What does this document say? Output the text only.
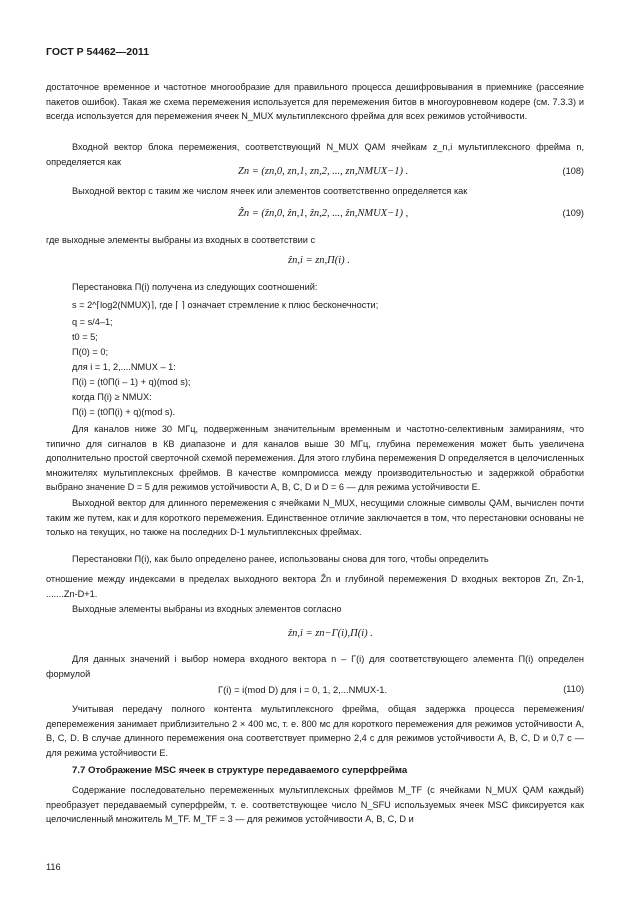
ГОСТ Р 54462—2011
достаточное временное и частотное многообразие для правильного процесса дешифровывания в приемнике (рассеяние пакетов ошибок). Такая же схема перемежения используется для перемежения битов в многоуровневом кодере (см. 7.3.3) и всегда используется для перемежения ячеек N_MUX мультиплексного фрейма для всех режимов устойчивости.
Входной вектор блока перемежения, соответствующий N_MUX QAM ячейкам z_n,i мультиплексного фрейма n, определяется как
Zn = (zn,0, zn,1, zn,2, ..., zn,NMUX−1) .	(108)
Выходной вектор с таким же числом ячеек или элементов соответственно определяется как
Ẑn = (ẑn,0, ẑn,1, ẑn,2, ..., ẑn,NMUX−1) ,	(109)
где выходные элементы выбраны из входных в соответствии с
ẑn,i = zn,Π(i) .
Перестановка Π(i) получена из следующих соотношений:
s = 2^⌈log2(NMUX)⌉, где ⌈ ⌉ означает стремление к плюс бесконечности;
q = s/4–1;
t0 = 5;
Π(0) = 0;
для i = 1, 2,....NMUX – 1:
Π(i) = (t0Π(i – 1) + q)(mod s);
когда Π(i) ≥ NMUX:
Π(i) = (t0Π(i) + q)(mod s).
Для каналов ниже 30 МГц, подверженным значительным временным и частотно-селективным замираниям, что типично для сигналов в КВ диапазоне и для каналов выше 30 МГц, глубина перемежения может быть увеличена дополнительно простой сверточной схемой перемежения. Для этого глубина перемежения D определяется в целочисленных множителях мультиплексных фреймов. В качестве компромисса между производительностью и задержкой обработки выбрано значение D = 5 для режимов устойчивости A, B, C, D и D = 6 — для режима устойчивости E.
Выходной вектор для длинного перемежения с ячейками N_MUX, несущими сложные символы QAM, вычислен почти таким же путем, как и для короткого перемежения. Единственное отличие заключается в том, что перестановки основаны не только на текущих, но также на последних D-1 мультиплексных фреймах.
Перестановки Π(i), как было определено ранее, использованы снова для того, чтобы определить
отношение между индексами в пределах выходного вектора Ẑn и глубиной перемежения D входных векторов Zn, Zn-1, .......Zn-D+1.
Выходные элементы выбраны из входных элементов согласно
ẑn,i = zn−Γ(i),Π(i) .
Для данных значений i выбор номера входного вектора n – Γ(i) для соответствующего элемента Π(i) определен формулой
Γ(i) = i(mod D) для i = 0, 1, 2,...NMUX-1.	(110)
Учитывая передачу полного контента мультиплексного фрейма, общая задержка процесса перемежения/деперемежения занимает приблизительно 2 × 400 мс, т. е. 800 мс для короткого перемежения для режимов устойчивости A, B, C, D. В случае длинного перемежения она соответствует примерно 2,4 с для режимов устойчивости A, B, C, D и 0,7 с — для режима устойчивости E.
7.7 Отображение MSC ячеек в структуре передаваемого суперфрейма
Содержание последовательно перемеженных мультиплексных фреймов M_TF (с ячейками N_MUX QAM каждый) преобразует передаваемый суперфрейм, т. е. соответствующее число N_SFU используемых ячеек MSC фиксируется как целочисленный множитель M_TF. M_TF = 3 — для режимов устойчивости A, B, C, D и
116
